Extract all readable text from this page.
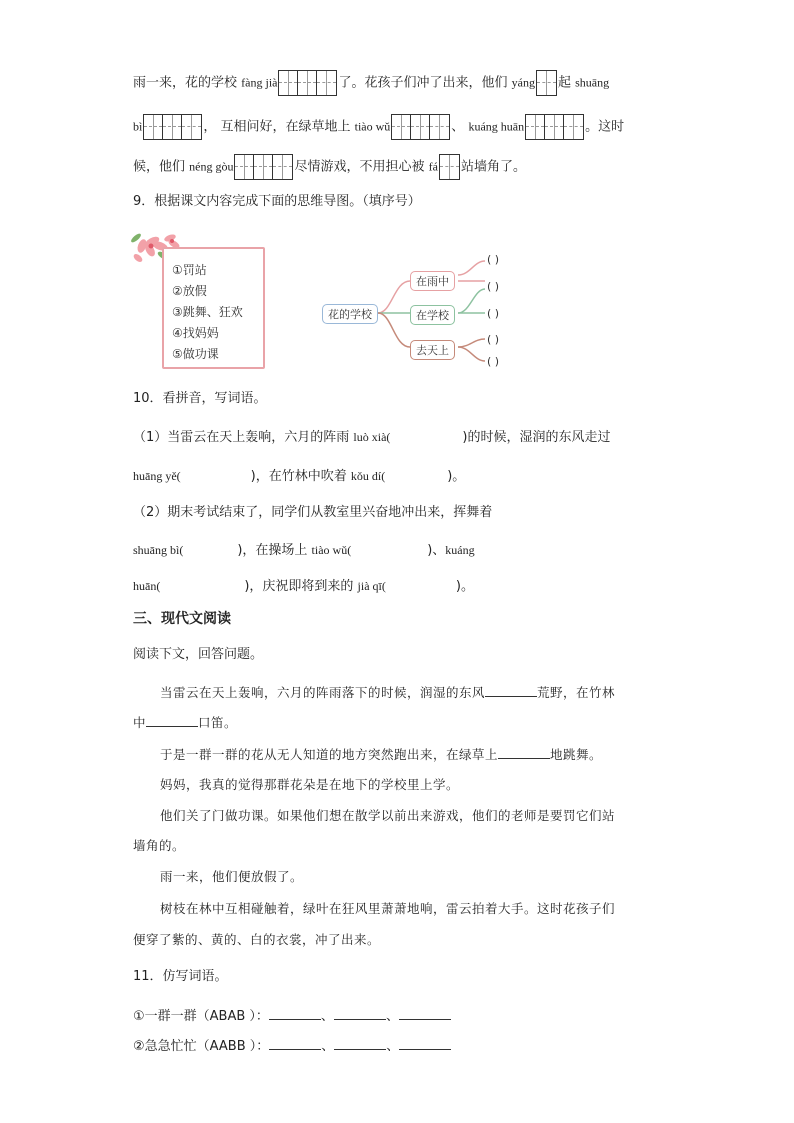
雨一来，花的学校 fàng jià	了。花孩子们冲了出来，他们 yáng 起 shuāng
bì	， 互相问好，在绿草地上 tiào wǔ	、 kuáng huān	。这时
候，他们 néng gòu	尽情游戏，不用担心被 fá 站墙角了。
9．根据课文内容完成下面的思维导图。（填序号）
①罚站
②放假
③跳舞、狂欢
④找妈妈
⑤做功课
花的学校
在雨中
在学校
去天上
( )
( )
( )
( )
( )
10．看拼音，写词语。
（1）当雷云在天上轰响，六月的阵雨 luò xià(	)的时候，湿润的东风走过
huāng yě(	)，在竹林中吹着 kǒu dí(	)。
（2）期末考试结束了，同学们从教室里兴奋地冲出来，挥舞着
shuāng bì(	)，在操场上 tiào wǔ(	)、kuáng
huān(	)，庆祝即将到来的 jià qī(	)。
三、现代文阅读
阅读下文，回答问题。
当雷云在天上轰响，六月的阵雨落下的时候，润湿的东风	荒野，在竹林
中	口笛。
于是一群一群的花从无人知道的地方突然跑出来，在绿草上	地跳舞。
妈妈，我真的觉得那群花朵是在地下的学校里上学。
他们关了门做功课。如果他们想在散学以前出来游戏，他们的老师是要罚它们站
墙角的。
雨一来，他们便放假了。
树枝在林中互相碰触着，绿叶在狂风里萧萧地响，雷云拍着大手。这时花孩子们
便穿了紫的、黄的、白的衣裳，冲了出来。
11．仿写词语。
①一群一群（ABAB ）：	、	、
②急急忙忙（AABB ）：	、	、
